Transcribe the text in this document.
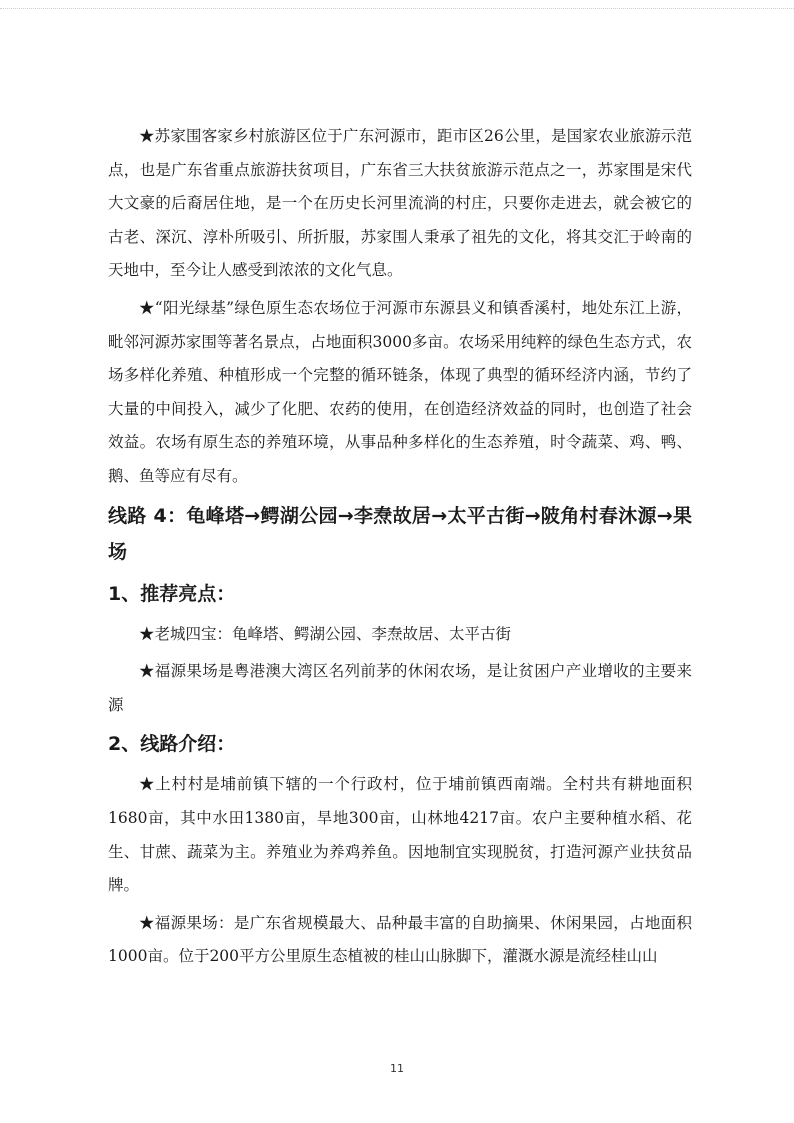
★苏家围客家乡村旅游区位于广东河源市，距市区26公里，是国家农业旅游示范点，也是广东省重点旅游扶贫项目，广东省三大扶贫旅游示范点之一，苏家围是宋代大文豪的后裔居住地，是一个在历史长河里流淌的村庄，只要你走进去，就会被它的古老、深沉、淳朴所吸引、所折服，苏家围人秉承了祖先的文化，将其交汇于岭南的天地中，至今让人感受到浓浓的文化气息。

★“阳光绿基”绿色原生态农场位于河源市东源县义和镇香溪村，地处东江上游，毗邻河源苏家围等著名景点，占地面积3000多亩。农场采用纯粹的绿色生态方式，农场多样化养殖、种植形成一个完整的循环链条，体现了典型的循环经济内涵，节约了大量的中间投入，减少了化肥、农药的使用，在创造经济效益的同时，也创造了社会效益。农场有原生态的养殖环境，从事品种多样化的生态养殖，时令蔬菜、鸡、鸭、鹅、鱼等应有尽有。

线路 4：龟峰塔→鳄湖公园→李焘故居→太平古街→陂角村春沐源→果场
1、推荐亮点：

★老城四宝：龟峰塔、鳄湖公园、李焘故居、太平古街

★福源果场是粤港澳大湾区名列前茅的休闲农场，是让贫困户产业增收的主要来源

2、线路介绍：

★上村村是埔前镇下辖的一个行政村，位于埔前镇西南端。全村共有耕地面积1680亩，其中水田1380亩，旱地300亩，山林地4217亩。农户主要种植水稻、花生、甘蔗、蔬菜为主。养殖业为养鸡养鱼。因地制宜实现脱贫，打造河源产业扶贫品牌。

★福源果场：是广东省规模最大、品种最丰富的自助摘果、休闲果园，占地面积1000亩。位于200平方公里原生态植被的桂山山脉脚下，灌溉水源是流经桂山山

11
